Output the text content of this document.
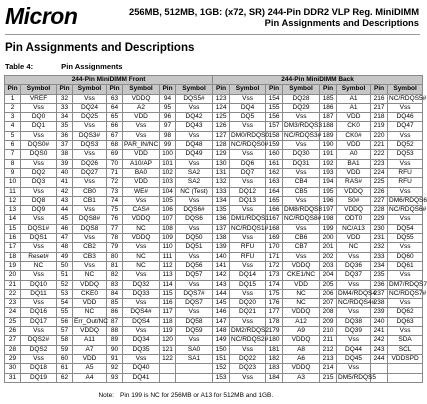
Micron	256MB, 512MB, 1GB: (x72, SR) 244-Pin DDR2 VLP Reg. MiniDIMM
Pin Assignments and Descriptions
Pin Assignments and Descriptions
Table 4:	Pin Assignments
244-Pin MiniDIMM Front								244-Pin MiniDIMM Back							
Pin	Symbol	Pin	Symbol	Pin	Symbol	Pin	Symbol	Pin	Symbol	Pin	Symbol	Pin	Symbol	Pin	Symbol
1	VREF	32	Vss	63	VDDQ	94	DQS5#	123	Vss	154	DQ28	185	A1	216	NC/RDQS5#
2	Vss	33	DQ24	64	A2	95	Vss	124	DQ4	155	DQ29	186	A1	217	Vss
3	DQ0	34	DQ25	65	VDD	96	DQ42	125	DQ5	156	Vss	187	VDD	218	DQ46
4	DQ1	35	Vss	66	Vss	97	DQ43	126	Vss	157	DM3/RDQS3	188	CK0	219	DQ47
5	Vss	36	DQS3#	67	Vss	98	Vss	127	DM0/RDQS0	158	NC/RDQS3#	189	CK0#	220	Vss
6	DQS0#	37	DQS3	68	PAR_IN/NC	99	DQ48	128	NC/RDQS0#	159	Vss	190	VDD	221	DQ52
7	DQS0	38	Vss	69	VDD	100	DQ49	129	Vss	160	DQ30	191	A0	222	DQ53
8	Vss	39	DQ26	70	A10/AP	101	Vss	130	DQ6	161	DQ31	192	BA1	223	Vss
9	DQ2	40	DQ27	71	BA0	102	SA2	131	DQ7	162	Vss	193	VDD	224	RFU
10	DQ3	41	Vss	72	VDD	103	SA2	132	Vss	163	CB4	194	RAS#	225	RFU
11	Vss	42	CB0	73	WE#	104	NC (Test)	133	DQ12	164	CB5	195	VDDQ	226	Vss
12	DQ8	43	CB1	74	Vss	105	Vss	134	DQ13	165	Vss	196	S0#	227	DM6/RDQS6
13	DQ9	44	Vss	75	CAS#	106	DQS6#	135	Vss	166	DM8/RDQS8	197	VDDQ	228	NC/RDQS6#
14	Vss	45	DQS8#	76	VDDQ	107	DQS6	136	DM1/RDQS1	167	NC/RDQS8#	198	ODT0	229	Vss
15	DQS1#	46	DQS8	77	NC	108	Vss	137	NC/RDQS1#	168	Vss	199	NC/A13	230	DQ54
16	DQS1	47	Vss	78	VDDQ	109	DQ50	138	Vss	169	CB6	200	VDD	231	DQ55
17	Vss	48	CB2	79	Vss	110	DQ51	139	RFU	170	CB7	201	NC	232	Vss
18	Reset#	49	CB3	80	NC	111	Vss	140	RFU	171	Vss	202	Vss	233	DQ60
19	NC	50	Vss	81	NC	112	DQ56	141	Vss	172	VDDQ	203	DQ36	234	DQ61
20	Vss	51	NC	82	Vss	113	DQ57	142	DQ14	173	CKE1/NC	204	DQ37	235	Vss
21	DQ10	52	VDDQ	83	DQ32	114	Vss	143	DQ15	174	VDD	205	Vss	236	DM7/RDQS7
22	DQ11	53	CKE0	84	DQ33	115	DQS7#	144	Vss	175	NC	206	DM4/RDQS4	237	NC/RDQS7#
23	Vss	54	VDD	85	Vss	116	DQS7	145	DQ20	176	NC	207	NC/RDQS4#	238	Vss
24	DQ16	55	NC	86	DQS4#	117	Vss	146	DQ21	177	VDDQ	208	Vss	239	DQ62
25	DQ17	56	Err_Out/NC	87	DQS4	118	DQ58	147	Vss	178	A12	209	DQ38	240	DQ63
26	Vss	57	VDDQ	88	Vss	119	DQ59	148	DM2/RDQS2	179	A9	210	DQ39	241	Vss
27	DQS2#	58	A11	89	DQ34	120	Vss	149	NC/RDQS2#	180	VDDQ	211	Vss	242	SDA
28	DQS2	59	A7	90	DQ35	121	SA0	150	Vss	181	A8	212	DQ44	243	SCL
29	Vss	60	VDD	91	Vss	122	SA1	151	DQ22	182	A6	213	DQ45	244	VDDSPD
30	DQ18	61	A5	92	DQ40			152	DQ23	183	VDDQ	214	Vss		
31	DQ19	62	A4	93	DQ41			153	Vss	184	A3	215	DM5/RDQS5		
Note: Pin 199 is NC for 256MB or A13 for 512MB and 1GB.
